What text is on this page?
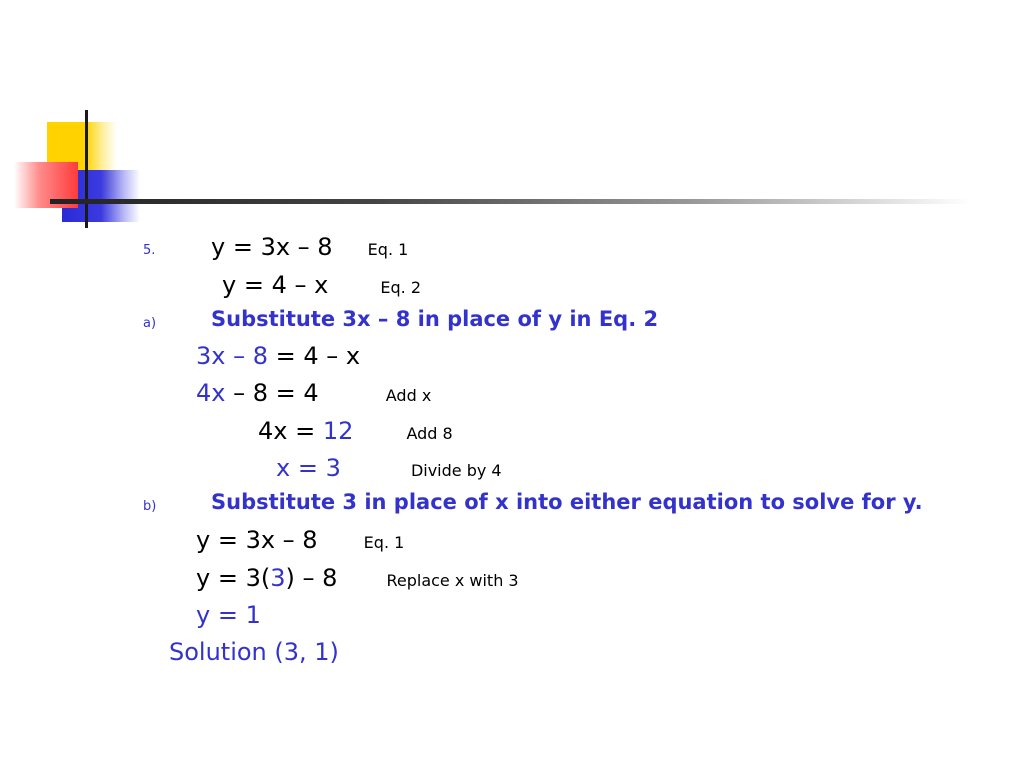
5. y = 3x – 8 Eq. 1
y = 4 – x	Eq. 2
a)	Substitute 3x – 8 in place of y in Eq. 2
3x – 8 = 4 – x
4x – 8 = 4	Add x
4x = 12	Add 8
x = 3	Divide by 4
b)	Substitute 3 in place of x into either equation to solve for y.
y = 3x – 8	Eq. 1
y = 3(3) – 8	Replace x with 3
y = 1
Solution (3, 1)
